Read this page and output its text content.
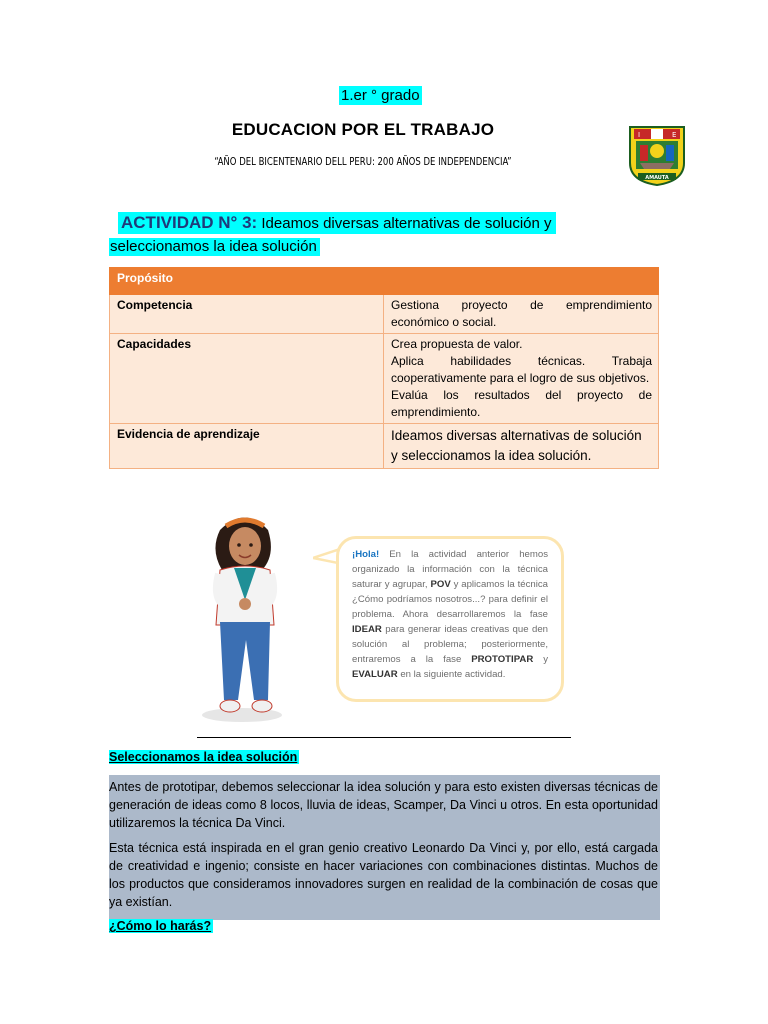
1.er ° grado
EDUCACION POR EL TRABAJO
“AÑO DEL BICENTENARIO DELL PERU: 200 AÑOS DE INDEPENDENCIA”
I	E
AMAUTA
ACTIVIDAD N° 3: Ideamos diversas alternativas de solución y
seleccionamos la idea solución
Propósito	
Competencia	Gestiona proyecto de emprendimiento económico o social.

Capacidades	Crea propuesta de valor.
Aplica habilidades técnicas. Trabaja cooperativamente para el logro de sus objetivos.
Evalúa los resultados del proyecto de emprendimiento.

Evidencia de aprendizaje	Ideamos diversas alternativas de solución y seleccionamos la idea solución.
¡Hola! En la actividad anterior hemos organizado la información con la técnica saturar y agrupar, POV y aplicamos la técnica ¿Cómo podríamos nosotros...? para definir el problema. Ahora desarrollaremos la fase IDEAR para generar ideas creativas que den solución al problema; posteriormente, entraremos a la fase PROTOTIPAR y EVALUAR en la siguiente actividad.
Seleccionamos la idea solución
Antes de prototipar, debemos seleccionar la idea solución y para esto existen diversas técnicas de generación de ideas como 8 locos, lluvia de ideas, Scamper, Da Vinci u otros. En esta oportunidad utilizaremos la técnica Da Vinci.
Esta técnica está inspirada en el gran genio creativo Leonardo Da Vinci y, por ello, está cargada de creatividad e ingenio; consiste en hacer variaciones con combinaciones distintas. Muchos de los productos que consideramos innovadores surgen en realidad de la combinación de cosas que ya existían.
¿Cómo lo harás?
